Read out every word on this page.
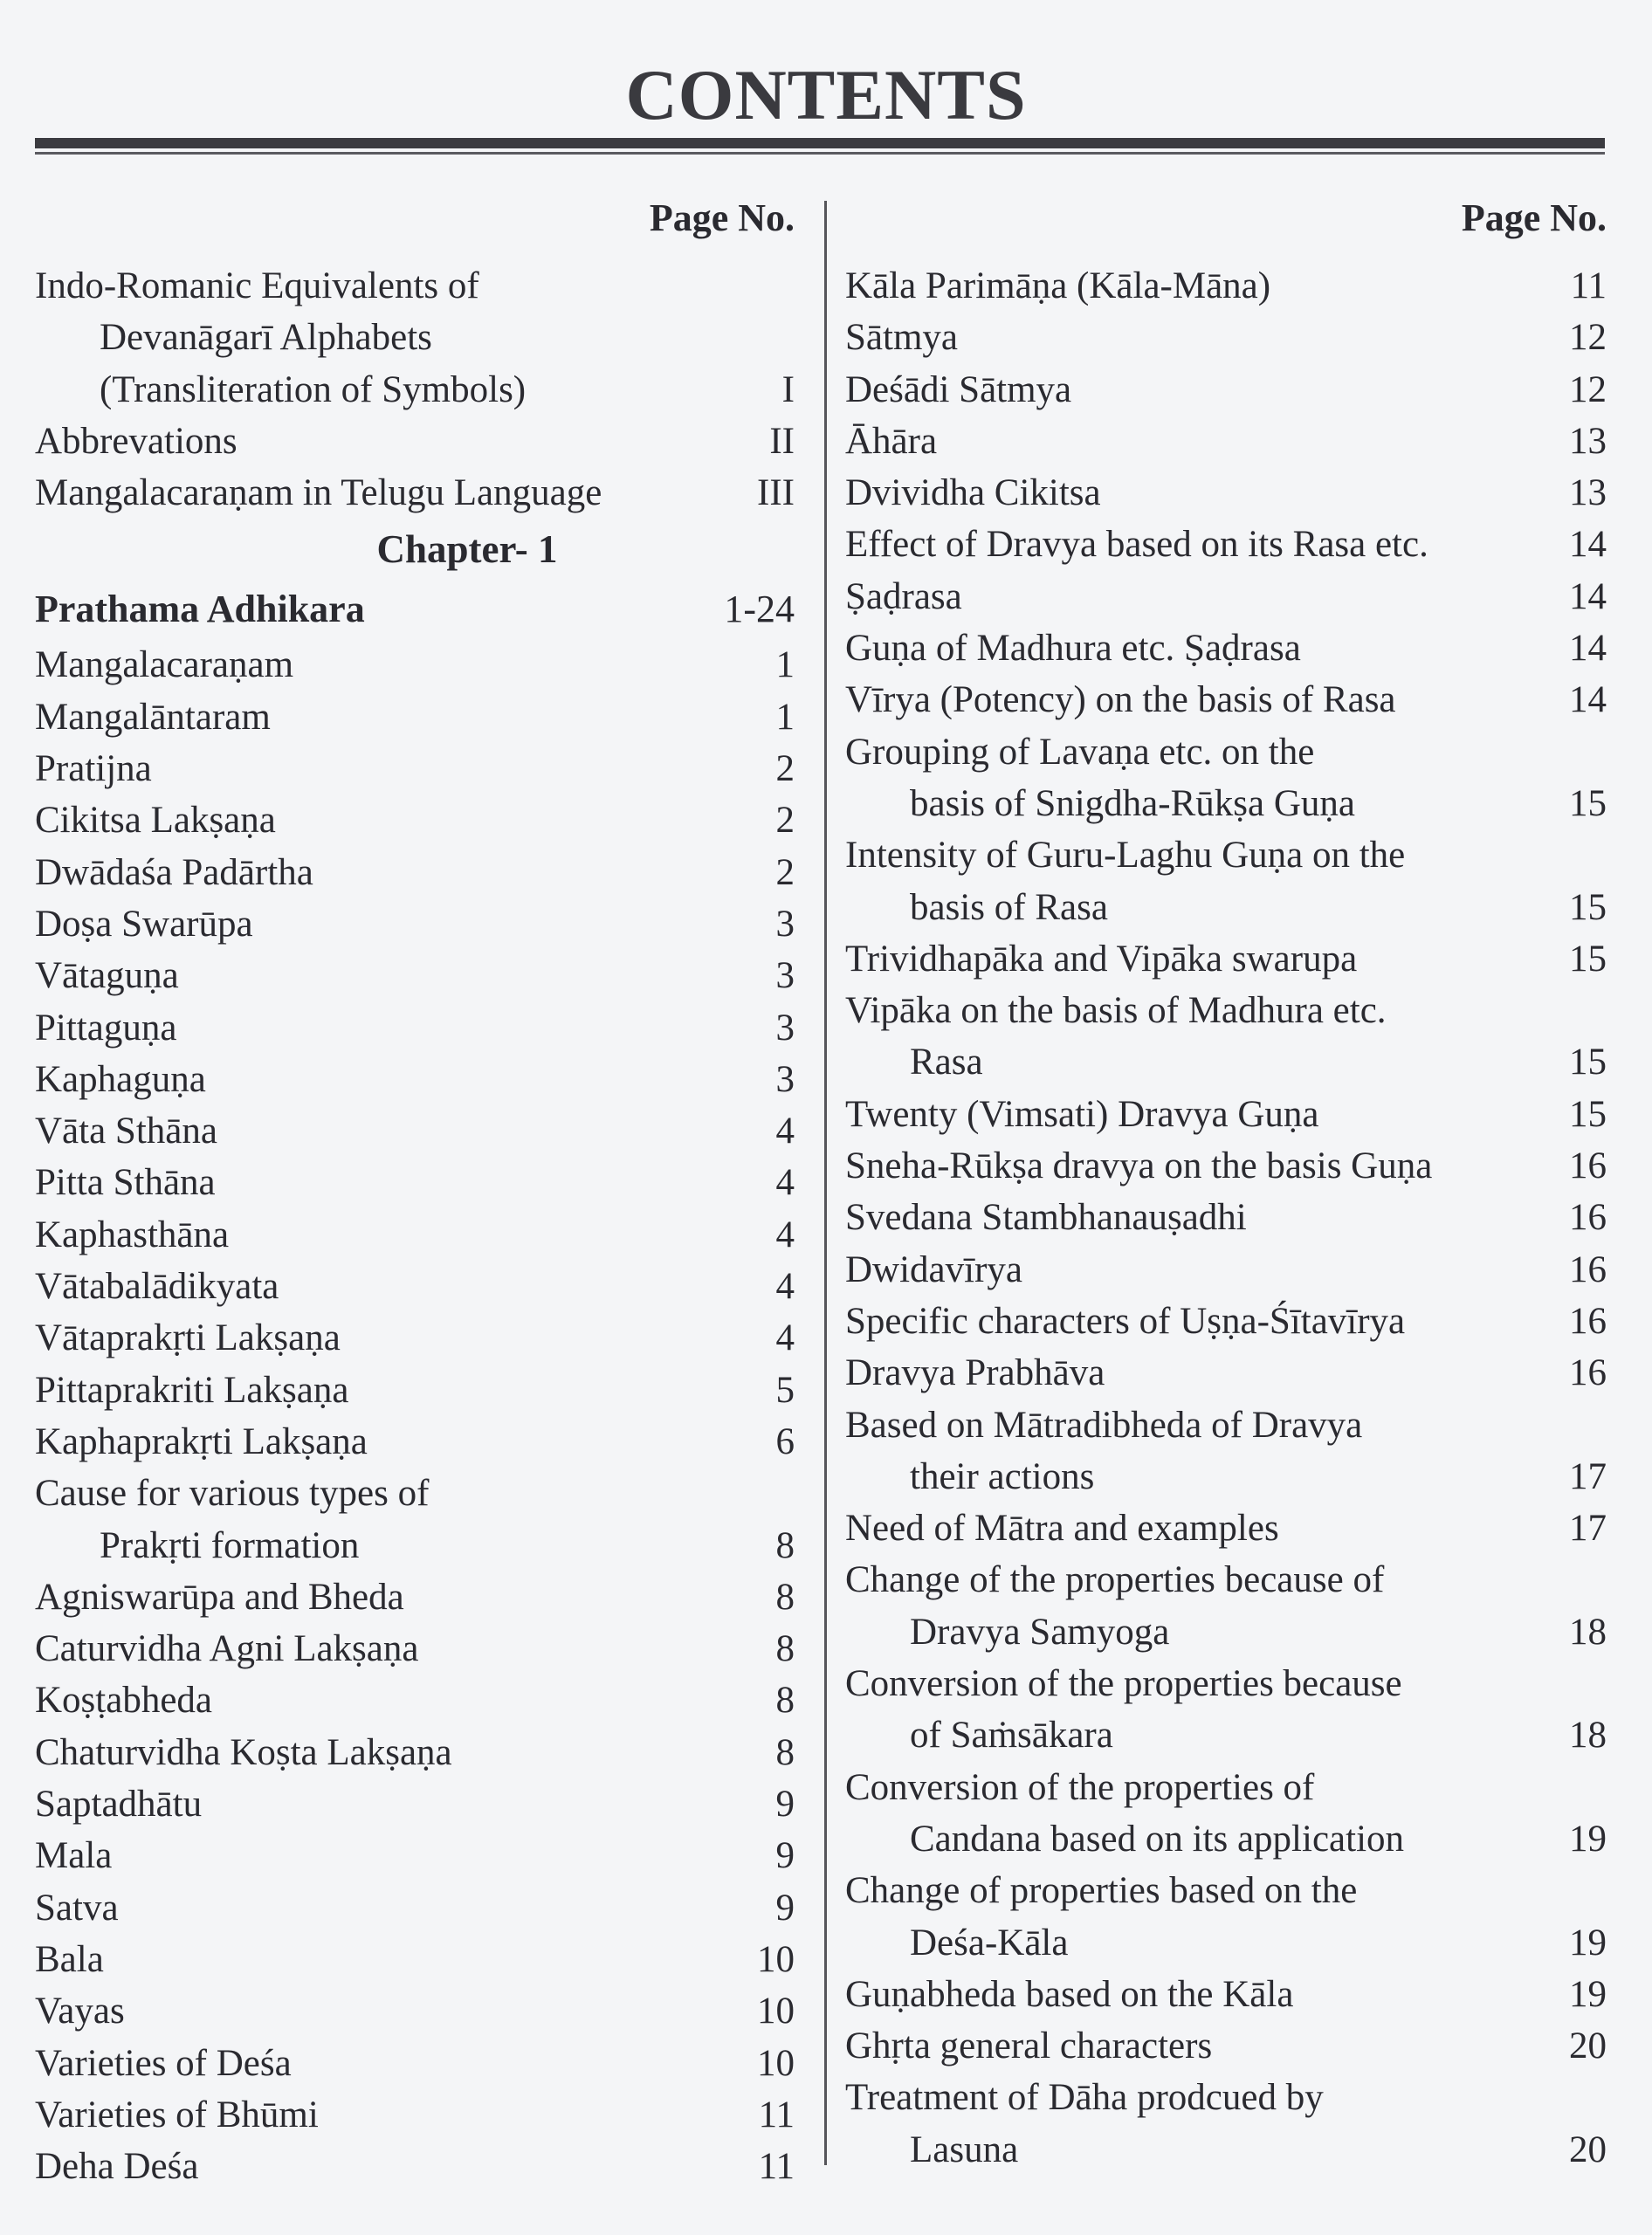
CONTENTS
Page No.
Indo-Romanic Equivalents of
Devanāgarī Alphabets
(Transliteration of Symbols)	I
Abbrevations	II
Mangalacaraṇam in Telugu Language	III
Chapter- 1
Prathama Adhikara	1-24
Mangalacaraṇam	1
Mangalāntaram	1
Pratijna	2
Cikitsa Lakṣaṇa	2
Dwādaśa Padārtha	2
Doṣa Swarūpa	3
Vātaguṇa	3
Pittaguṇa	3
Kaphaguṇa	3
Vāta Sthāna	4
Pitta Sthāna	4
Kaphasthāna	4
Vātabalādikyata	4
Vātaprakṛti Lakṣaṇa	4
Pittaprakriti Lakṣaṇa	5
Kaphaprakṛti Lakṣaṇa	6
Cause for various types of
Prakṛti formation	8
Agniswarūpa and Bheda	8
Caturvidha Agni Lakṣaṇa	8
Koṣṭabheda	8
Chaturvidha Koṣta Lakṣaṇa	8
Saptadhātu	9
Mala	9
Satva	9
Bala	10
Vayas	10
Varieties of Deśa	10
Varieties of Bhūmi	11
Deha Deśa	11
Page No.
Kāla Parimāṇa (Kāla-Māna)	11
Sātmya	12
Deśādi Sātmya	12
Āhāra	13
Dvividha Cikitsa	13
Effect of Dravya based on its Rasa etc.	14
Ṣaḍrasa	14
Guṇa of Madhura etc. Ṣaḍrasa	14
Vīrya (Potency) on the basis of Rasa	14
Grouping of Lavaṇa etc. on the
basis of Snigdha-Rūkṣa Guṇa	15
Intensity of Guru-Laghu Guṇa on the
basis of Rasa	15
Trividhapāka and Vipāka swarupa	15
Vipāka on the basis of Madhura etc.
Rasa	15
Twenty (Vimsati) Dravya Guṇa	15
Sneha-Rūkṣa dravya on the basis Guṇa	16
Svedana Stambhanauṣadhi	16
Dwidavīrya	16
Specific characters of Uṣṇa-Śītavīrya	16
Dravya Prabhāva	16
Based on Mātradibheda of Dravya
their actions	17
Need of Mātra and examples	17
Change of the properties because of
Dravya Samyoga	18
Conversion of the properties because
of Saṁsākara	18
Conversion of the properties of
Candana based on its application	19
Change of properties based on the
Deśa-Kāla	19
Guṇabheda based on the Kāla	19
Ghṛta general characters	20
Treatment of Dāha prodcued by
Lasuna	20
